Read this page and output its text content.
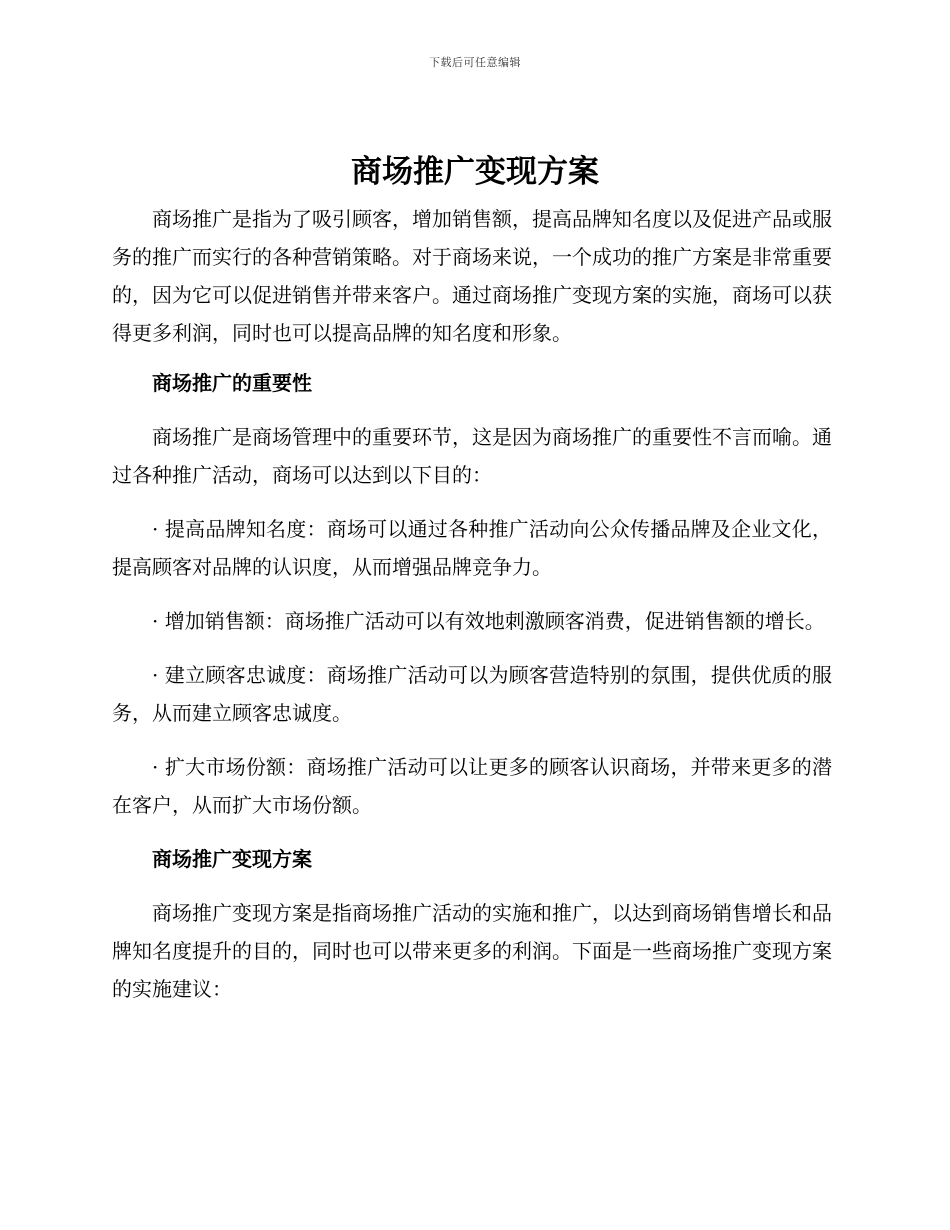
下载后可任意编辑
商场推广变现方案

商场推广是指为了吸引顾客，增加销售额，提高品牌知名度以及促进产品或服务的推广而实行的各种营销策略。对于商场来说，一个成功的推广方案是非常重要的，因为它可以促进销售并带来客户。通过商场推广变现方案的实施，商场可以获得更多利润，同时也可以提高品牌的知名度和形象。

商场推广的重要性

商场推广是商场管理中的重要环节，这是因为商场推广的重要性不言而喻。通过各种推广活动，商场可以达到以下目的：

· 提高品牌知名度：商场可以通过各种推广活动向公众传播品牌及企业文化，提高顾客对品牌的认识度，从而增强品牌竞争力。

· 增加销售额：商场推广活动可以有效地刺激顾客消费，促进销售额的增长。

· 建立顾客忠诚度：商场推广活动可以为顾客营造特别的氛围，提供优质的服务，从而建立顾客忠诚度。

· 扩大市场份额：商场推广活动可以让更多的顾客认识商场，并带来更多的潜在客户，从而扩大市场份额。

商场推广变现方案

商场推广变现方案是指商场推广活动的实施和推广，以达到商场销售增长和品牌知名度提升的目的，同时也可以带来更多的利润。下面是一些商场推广变现方案的实施建议：
